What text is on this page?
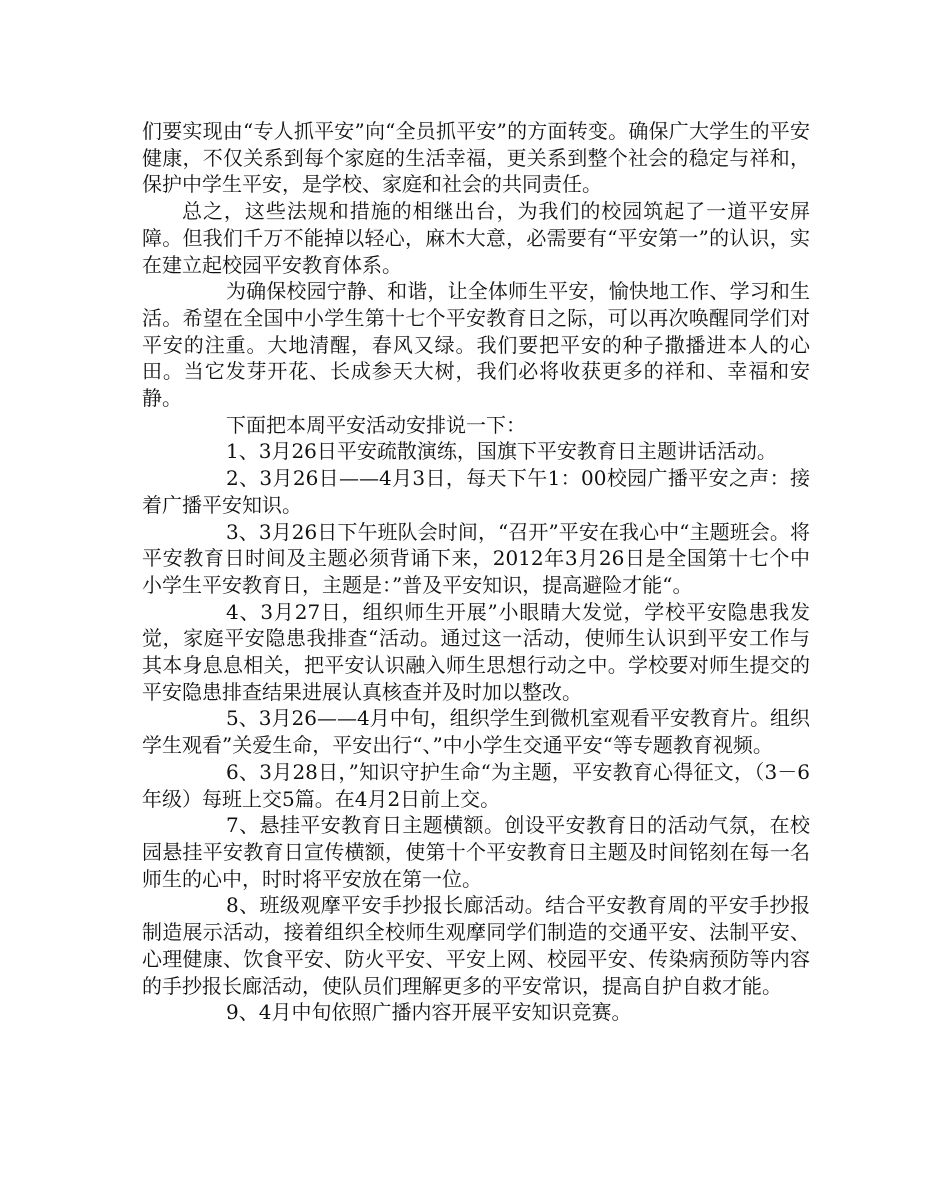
们要实现由“专人抓平安”向“全员抓平安”的方面转变。确保广大学生的平安健康，不仅关系到每个家庭的生活幸福，更关系到整个社会的稳定与祥和，保护中学生平安，是学校、家庭和社会的共同责任。

总之，这些法规和措施的相继出台，为我们的校园筑起了一道平安屏障。但我们千万不能掉以轻心，麻木大意，必需要有“平安第一”的认识，实在建立起校园平安教育体系。

为确保校园宁静、和谐，让全体师生平安，愉快地工作、学习和生活。希望在全国中小学生第十七个平安教育日之际，可以再次唤醒同学们对平安的注重。大地清醒，春风又绿。我们要把平安的种子撒播进本人的心田。当它发芽开花、长成参天大树，我们必将收获更多的祥和、幸福和安静。

下面把本周平安活动安排说一下：

1、3月26日平安疏散演练，国旗下平安教育日主题讲话活动。

2、3月26日——4月3日，每天下午1：00校园广播平安之声：接着广播平安知识。

3、3月26日下午班队会时间，“召开”平安在我心中“主题班会。将平安教育日时间及主题必须背诵下来，2012年3月26日是全国第十七个中小学生平安教育日，主题是：”普及平安知识，提高避险才能“。

4、3月27日，组织师生开展”小眼睛大发觉，学校平安隐患我发觉，家庭平安隐患我排查“活动。通过这一活动，使师生认识到平安工作与其本身息息相关，把平安认识融入师生思想行动之中。学校要对师生提交的平安隐患排查结果进展认真核查并及时加以整改。

5、3月26——4月中旬，组织学生到微机室观看平安教育片。组织学生观看”关爱生命，平安出行“、”中小学生交通平安“等专题教育视频。

6、3月28日，”知识守护生命“为主题，平安教育心得征文，（3－6年级）每班上交5篇。在4月2日前上交。

7、悬挂平安教育日主题横额。创设平安教育日的活动气氛，在校园悬挂平安教育日宣传横额，使第十个平安教育日主题及时间铭刻在每一名师生的心中，时时将平安放在第一位。

8、班级观摩平安手抄报长廊活动。结合平安教育周的平安手抄报制造展示活动，接着组织全校师生观摩同学们制造的交通平安、法制平安、心理健康、饮食平安、防火平安、平安上网、校园平安、传染病预防等内容的手抄报长廊活动，使队员们理解更多的平安常识，提高自护自救才能。

9、4月中旬依照广播内容开展平安知识竞赛。
